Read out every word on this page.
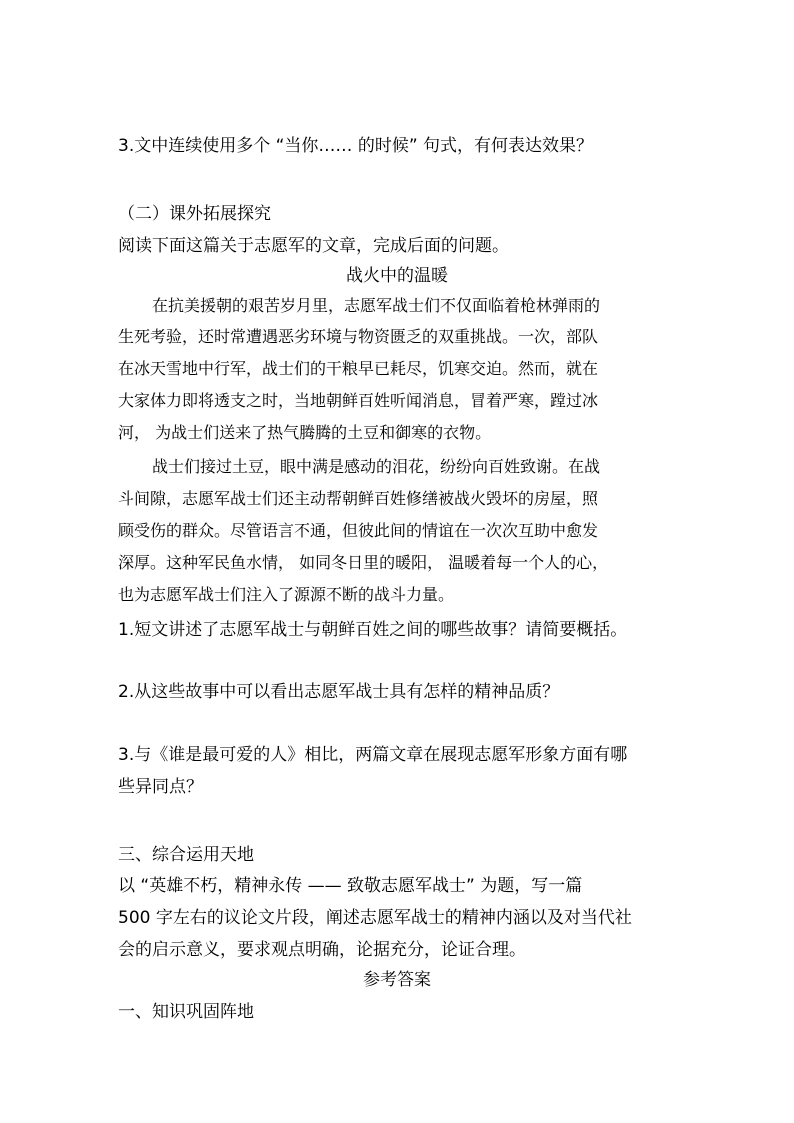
3.文中连续使用多个 “当你…… 的时候” 句式，有何表达效果？
（二）课外拓展探究
阅读下面这篇关于志愿军的文章，完成后面的问题。
战火中的温暖
在抗美援朝的艰苦岁月里，志愿军战士们不仅面临着枪林弹雨的
生死考验，还时常遭遇恶劣环境与物资匮乏的双重挑战。一次，部队
在冰天雪地中行军，战士们的干粮早已耗尽，饥寒交迫。然而，就在
大家体力即将透支之时，当地朝鲜百姓听闻消息，冒着严寒，蹚过冰
河， 为战士们送来了热气腾腾的土豆和御寒的衣物。
战士们接过土豆，眼中满是感动的泪花，纷纷向百姓致谢。在战
斗间隙，志愿军战士们还主动帮朝鲜百姓修缮被战火毁坏的房屋，照
顾受伤的群众。尽管语言不通，但彼此间的情谊在一次次互助中愈发
深厚。这种军民鱼水情， 如同冬日里的暖阳， 温暖着每一个人的心，
也为志愿军战士们注入了源源不断的战斗力量。
1.短文讲述了志愿军战士与朝鲜百姓之间的哪些故事？请简要概括。
2.从这些故事中可以看出志愿军战士具有怎样的精神品质？
3.与《谁是最可爱的人》相比，两篇文章在展现志愿军形象方面有哪
些异同点？
三、综合运用天地
以 “英雄不朽，精神永传 —— 致敬志愿军战士” 为题，写一篇
500 字左右的议论文片段，阐述志愿军战士的精神内涵以及对当代社
会的启示意义，要求观点明确，论据充分，论证合理。
参考答案
一、知识巩固阵地
